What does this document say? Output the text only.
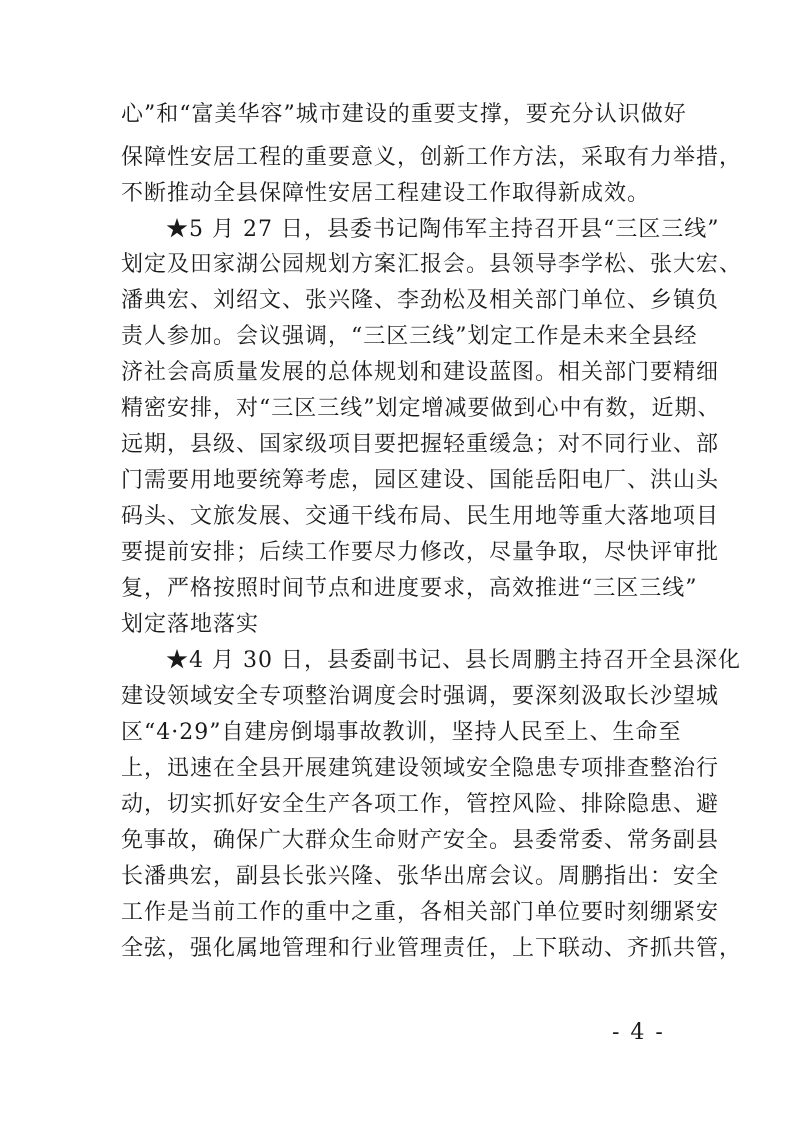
心”和“富美华容”城市建设的重要支撑，要充分认识做好
保障性安居工程的重要意义，创新工作方法，采取有力举措，
不断推动全县保障性安居工程建设工作取得新成效。
★5 月 27 日，县委书记陶伟军主持召开县“三区三线”
划定及田家湖公园规划方案汇报会。县领导李学松、张大宏、
潘典宏、刘绍文、张兴隆、李劲松及相关部门单位、乡镇负
责人参加。会议强调，“三区三线”划定工作是未来全县经
济社会高质量发展的总体规划和建设蓝图。相关部门要精细
精密安排，对“三区三线”划定增减要做到心中有数，近期、
远期，县级、国家级项目要把握轻重缓急；对不同行业、部
门需要用地要统筹考虑，园区建设、国能岳阳电厂、洪山头
码头、文旅发展、交通干线布局、民生用地等重大落地项目
要提前安排；后续工作要尽力修改，尽量争取，尽快评审批
复，严格按照时间节点和进度要求，高效推进“三区三线”
划定落地落实
★4 月 30 日，县委副书记、县长周鹏主持召开全县深化
建设领域安全专项整治调度会时强调，要深刻汲取长沙望城
区“4·29”自建房倒塌事故教训，坚持人民至上、生命至
上，迅速在全县开展建筑建设领域安全隐患专项排查整治行
动，切实抓好安全生产各项工作，管控风险、排除隐患、避
免事故，确保广大群众生命财产安全。县委常委、常务副县
长潘典宏，副县长张兴隆、张华出席会议。周鹏指出：安全
工作是当前工作的重中之重，各相关部门单位要时刻绷紧安
全弦，强化属地管理和行业管理责任，上下联动、齐抓共管，
- 4 -
